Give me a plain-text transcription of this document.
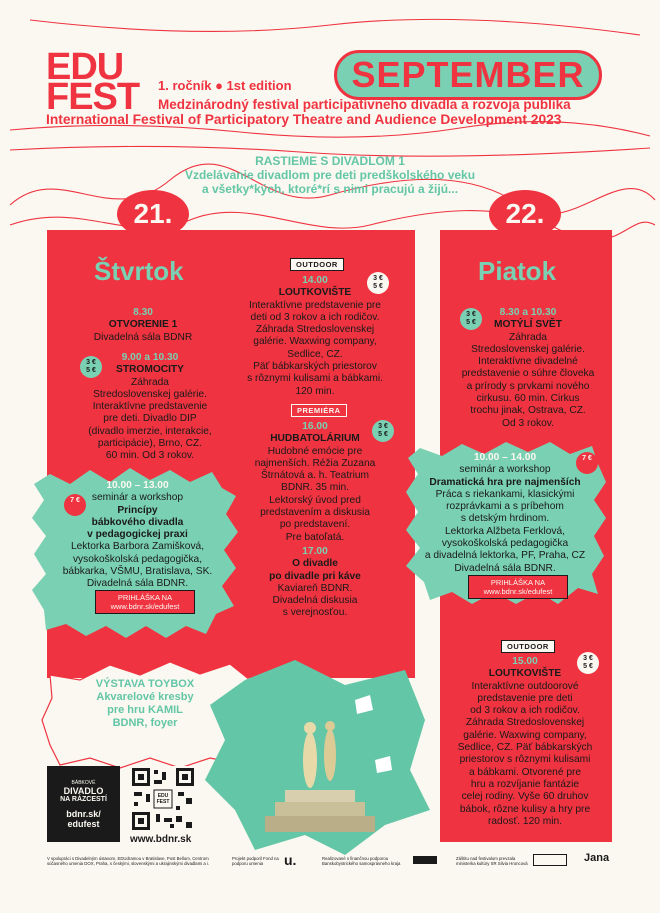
EDU
FEST 1. ročník ● 1st edition	SEPTEMBER
Medzinárodný festival participatívneho divadla a rozvoja publika
International Festival of Participatory Theatre and Audience Development 2023
RASTIEME S DIVADLOM 1
Vzdelávanie divadlom pre deti predškolského veku
a všetky*kých, ktoré*rí s nimi pracujú a žijú...
21.
Štvrtok
8.30
OTVORENIE 1
Divadelná sála BDNR
3 €
5 €
9.00 a 10.30
STROMOCITY
Záhrada
Stredoslovenskej galérie.
Interaktívne predstavenie
pre deti. Divadlo DIP
(divadlo imerzie, interakcie,
participácie), Brno, CZ.
60 min. Od 3 rokov.
OUTDOOR
3 €
5 €
14.00
LOUTKOVIŠTE
Interaktívne predstavenie pre
deti od 3 rokov a ich rodičov.
Záhrada Stredoslovenskej
galérie. Waxwing company,
Sedlice, CZ.
Päť bábkarských priestorov
s rôznymi kulisami a bábkami.
120 min.
PREMIÉRA
3 €
5 €
16.00
HUDBATOLÁRIUM
Hudobné emócie pre
najmenších. Réžia Zuzana
Štrnátová a. h. Teatrium
BDNR. 35 min.
Lektorský úvod pred
predstavením a diskusia
po predstavení.
Pre batoľatá.
17.00
O divadle
po divadle pri káve
Kaviareň BDNR.
Divadelná diskusia
s verejnosťou.
7 €
10.00 – 13.00
seminár a workshop
Princípy
bábkového divadla
v pedagogickej praxi
Lektorka Barbora Zamišková,
vysokoškolská pedagogička,
bábkarka, VŠMU, Bratislava, SK.
Divadelná sála BDNR.
PRIHLÁŠKA NA
www.bdnr.sk/edufest
VÝSTAVA TOYBOX
Akvarelové kresby
pre hru KAMIL
BDNR, foyer
22.
Piatok
3 €
5 €
8.30 a 10.30
MOTÝLÍ SVĚT
Záhrada
Stredoslovenskej galérie.
Interaktívne divadelné
predstavenie o súhre človeka
a prírody s prvkami nového
cirkusu. 60 min. Cirkus
trochu jinak, Ostrava, CZ.
Od 3 rokov.
7 €
10.00 – 14.00
seminár a workshop
Dramatická hra pre najmenších
Práca s riekankami, klasickými
rozprávkami a s príbehom
s detským hrdinom.
Lektorka Alžbeta Ferklová,
vysokoškolská pedagogička
a divadelná lektorka, PF, Praha, CZ
Divadelná sála BDNR.
PRIHLÁŠKA NA
www.bdnr.sk/edufest
OUTDOOR
3 €
5 €
15.00
LOUTKOVIŠTE
Interaktívne outdoorové
predstavenie pre deti
od 3 rokov a ich rodičov.
Záhrada Stredoslovenskej
galérie. Waxwing company,
Sedlice, CZ. Päť bábkarských
priestorov s rôznymi kulisami
a bábkami. Otvorené pre
hru a rozvíjanie fantázie
celej rodiny. Vyše 60 druhov
bábok, rôzne kulisy a hry pre
radosť. 120 min.
BÁBKOVÉ
DIVADLO
NA RÁZCESTÍ
bdnr.sk/
edufest
EDU FEST
www.bdnr.sk
V spolupráci s Divadelným ústavom, EDUdramou v Bratislave, Post Bellum, Centrom súčasného umenia DOX, Praha, s českými, slovenskými a ukrajinskými divadlami a i.
Projekt podporil Fond na podporu umenia	u.	Realizované s finančnou podporou Banskobystrického samosprávneho kraja
Záštitu nad festivalom prevzala ministerka kultúry SR Silvia Hroncová	Jana
